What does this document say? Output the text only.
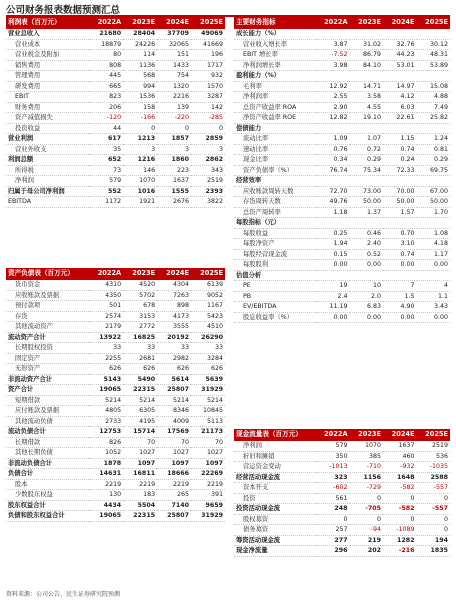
公司财务报表数据预测汇总
利润表（百万元）	2022A	2023E	2024E	2025E
营业总收入	21680	28404	37709	49069
营业成本	18879	24226	32065	41669
营业税金及附加	80	114	151	196
销售费用	808	1136	1433	1717
管理费用	445	568	754	932
研发费用	665	994	1320	1570
EBIT	823	1536	2216	3287
财务费用	206	158	139	142
资产减值损失	-120	-166	-220	-285
投资收益	44	0	0	0
营业利润	617	1213	1857	2859
营业外收支	35	3	3	3
利润总额	652	1216	1860	2862
所得税	73	146	223	343
净利润	579	1070	1637	2519
归属于母公司净利润	552	1016	1555	2393
EBITDA	1172	1921	2676	3822
主要财务指标	2022A	2023E	2024E	2025E
成长能力（%）				
营业收入增长率	3.87	31.02	32.76	30.12
EBIT 增长率	-7.52	86.79	44.23	48.31
净利润增长率	3.98	84.10	53.01	53.89
盈利能力（%）				
毛利率	12.92	14.71	14.97	15.08
净利润率	2.55	3.58	4.12	4.88
总资产收益率 ROA	2.90	4.55	6.03	7.49
净资产收益率 ROE	12.82	19.10	22.61	25.82
偿债能力				
流动比率	1.09	1.07	1.15	1.24
速动比率	0.76	0.72	0.74	0.81
现金比率	0.34	0.29	0.24	0.29
资产负债率（%）	76.74	75.34	72.33	69.75
经营效率				
应收账款周转天数	72.70	73.00	70.00	67.00
存货周转天数	49.76	50.00	50.00	50.00
总资产周转率	1.18	1.37	1.57	1.70
每股指标（元）				
每股收益	0.25	0.46	0.70	1.08
每股净资产	1.94	2.40	3.10	4.18
每股经营现金流	0.15	0.52	0.74	1.17
每股股利	0.00	0.00	0.00	0.00
估值分析				
PE	19	10	7	4
PB	2.4	2.0	1.5	1.1
EV/EBITDA	11.19	6.83	4.90	3.43
股息收益率（%）	0.00	0.00	0.00	0.00
资产负债表（百万元）	2022A	2023E	2024E	2025E
货币资金	4310	4520	4304	6139
应收账款及票据	4350	5702	7263	9052
预付款项	501	678	898	1167
存货	2574	3153	4173	5423
其他流动资产	2179	2772	3555	4510
流动资产合计	13922	16825	20192	26290
长期股权投资	33	33	33	33
固定资产	2255	2681	2982	3284
无形资产	626	626	626	626
非流动资产合计	5143	5490	5614	5639
资产合计	19065	22315	25807	31929
短期借款	5214	5214	5214	5214
应付账款及票据	4805	6305	8346	10845
其他流动负债	2733	4195	4009	5113
流动负债合计	12753	15714	17569	21173
长期借款	826	70	70	70
其他长期负债	1052	1027	1027	1027
非流动负债合计	1878	1097	1097	1097
负债合计	14631	16811	18666	22269
股本	2219	2219	2219	2219
少数股东权益	130	183	265	391
股东权益合计	4434	5504	7140	9659
负债和股东权益合计	19065	22315	25807	31929
现金流量表（百万元）	2022A	2023E	2024E	2025E
净利润	579	1070	1637	2519
折旧和摊销	350	385	460	536
营运资金变动	-1013	-710	-932	-1035
经营活动现金流	323	1156	1648	2588
资本开支	-602	-729	-582	-557
投资	561	0	0	0
投资活动现金流	248	-705	-582	-557
股权募资	0	0	0	0
债务募资	257	-94	-1089	0
筹资活动现金流	277	219	1282	194
现金净流量	296	202	-216	1835
资料来源：公司公告、民生证券研究院预测
